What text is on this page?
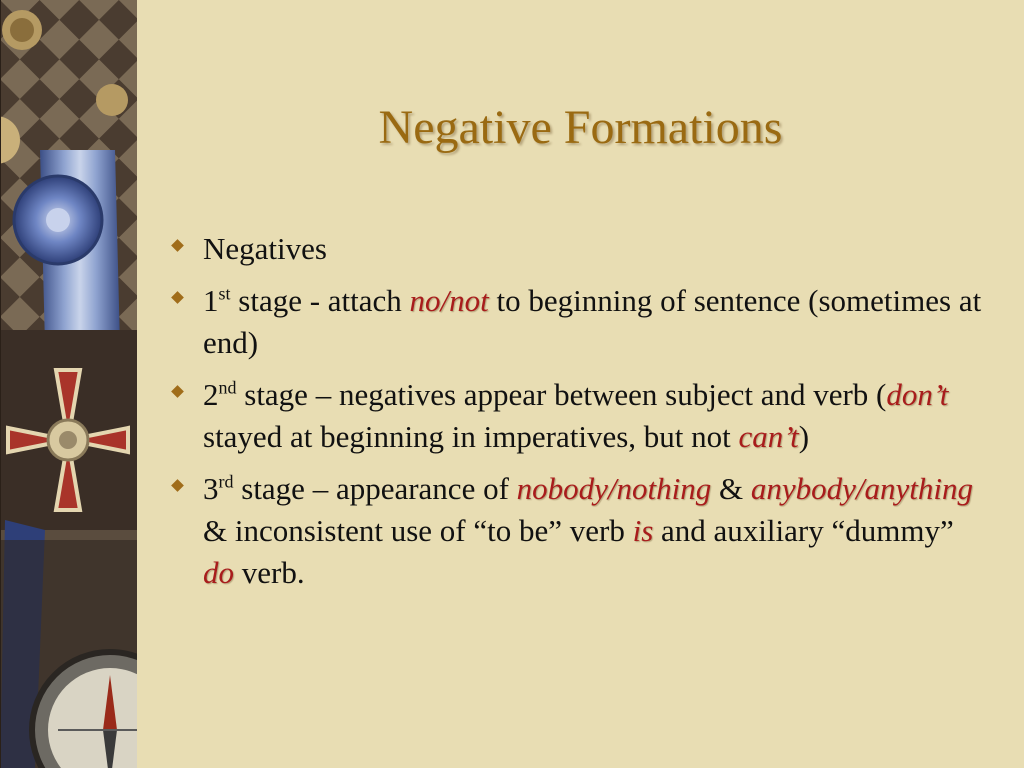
Negative Formations
Negatives
1st stage - attach no/not to beginning of sentence (sometimes at end)
2nd stage – negatives appear between subject and verb (don’t stayed at beginning in imperatives, but not can’t)
3rd stage – appearance of nobody/nothing & anybody/anything & inconsistent use of “to be” verb is and auxiliary “dummy” do verb.
